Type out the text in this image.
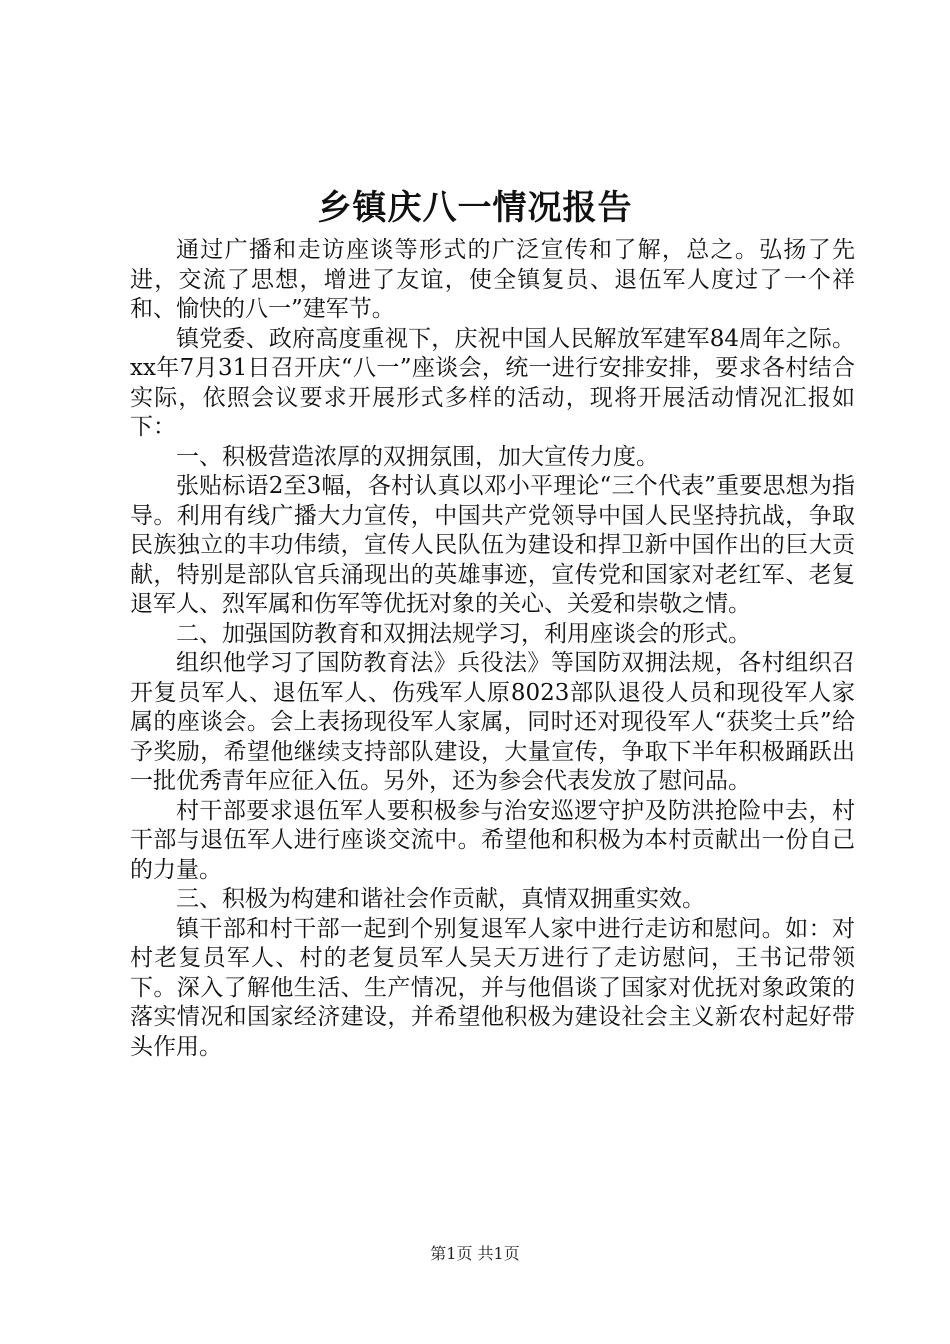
乡镇庆八一情况报告

通过广播和走访座谈等形式的广泛宣传和了解，总之。弘扬了先进，交流了思想，增进了友谊，使全镇复员、退伍军人度过了一个祥和、愉快的八一”建军节。

镇党委、政府高度重视下，庆祝中国人民解放军建军84周年之际。xx年7月31日召开庆“八一”座谈会，统一进行安排安排，要求各村结合实际，依照会议要求开展形式多样的活动，现将开展活动情况汇报如下：

一、积极营造浓厚的双拥氛围，加大宣传力度。

张贴标语2至3幅，各村认真以邓小平理论“三个代表”重要思想为指导。利用有线广播大力宣传，中国共产党领导中国人民坚持抗战，争取民族独立的丰功伟绩，宣传人民队伍为建设和捍卫新中国作出的巨大贡献，特别是部队官兵涌现出的英雄事迹，宣传党和国家对老红军、老复退军人、烈军属和伤军等优抚对象的关心、关爱和崇敬之情。

二、加强国防教育和双拥法规学习，利用座谈会的形式。

组织他学习了国防教育法》兵役法》等国防双拥法规，各村组织召开复员军人、退伍军人、伤残军人原8023部队退役人员和现役军人家属的座谈会。会上表扬现役军人家属，同时还对现役军人“获奖士兵”给予奖励，希望他继续支持部队建设，大量宣传，争取下半年积极踊跃出一批优秀青年应征入伍。另外，还为参会代表发放了慰问品。

村干部要求退伍军人要积极参与治安巡逻守护及防洪抢险中去，村干部与退伍军人进行座谈交流中。希望他和积极为本村贡献出一份自己的力量。

三、积极为构建和谐社会作贡献，真情双拥重实效。

镇干部和村干部一起到个别复退军人家中进行走访和慰问。如：对村老复员军人、村的老复员军人吴天万进行了走访慰问，王书记带领下。深入了解他生活、生产情况，并与他倡谈了国家对优抚对象政策的落实情况和国家经济建设，并希望他积极为建设社会主义新农村起好带头作用。

第1页 共1页
